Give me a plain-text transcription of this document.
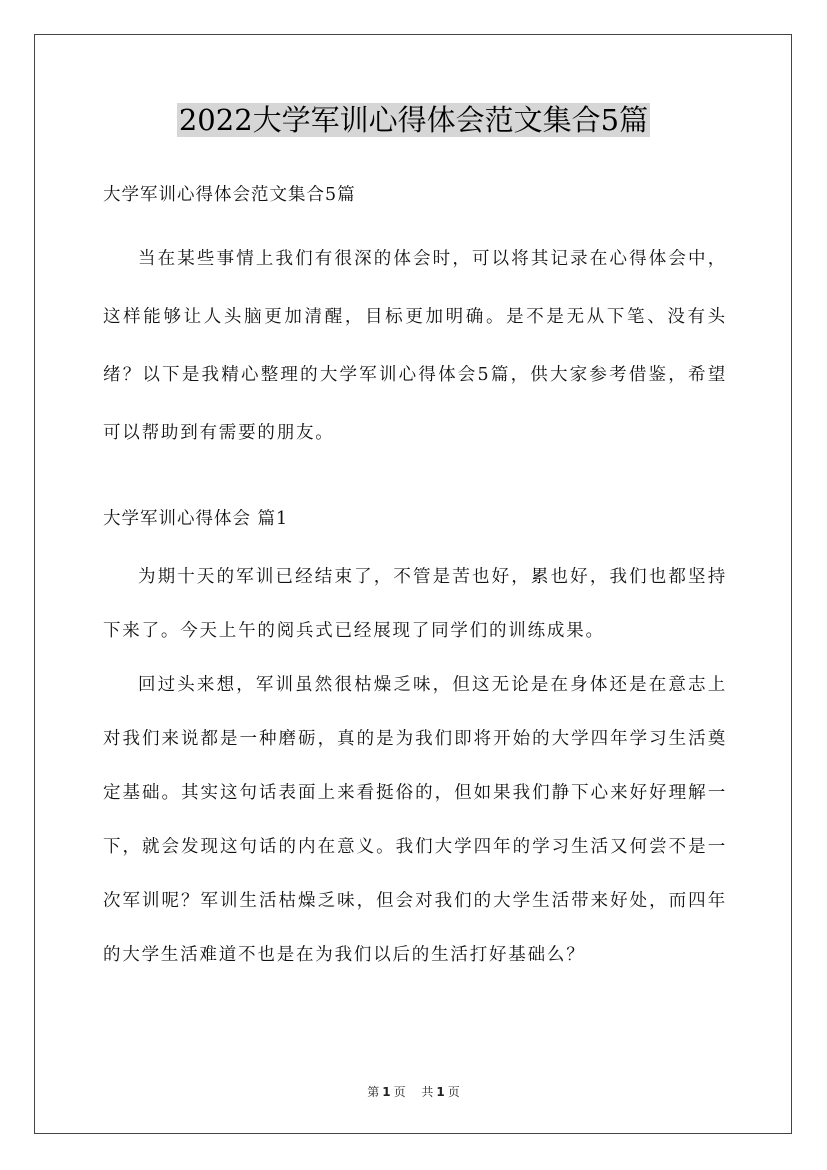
2022大学军训心得体会范文集合5篇

大学军训心得体会范文集合5篇

当在某些事情上我们有很深的体会时，可以将其记录在心得体会中，这样能够让人头脑更加清醒，目标更加明确。是不是无从下笔、没有头绪？以下是我精心整理的大学军训心得体会5篇，供大家参考借鉴，希望可以帮助到有需要的朋友。

大学军训心得体会 篇1

为期十天的军训已经结束了，不管是苦也好，累也好，我们也都坚持下来了。今天上午的阅兵式已经展现了同学们的训练成果。

回过头来想，军训虽然很枯燥乏味，但这无论是在身体还是在意志上对我们来说都是一种磨砺，真的是为我们即将开始的大学四年学习生活奠定基础。其实这句话表面上来看挺俗的，但如果我们静下心来好好理解一下，就会发现这句话的内在意义。我们大学四年的学习生活又何尝不是一次军训呢？军训生活枯燥乏味，但会对我们的大学生活带来好处，而四年的大学生活难道不也是在为我们以后的生活打好基础么？

第 1 页 共 1 页
